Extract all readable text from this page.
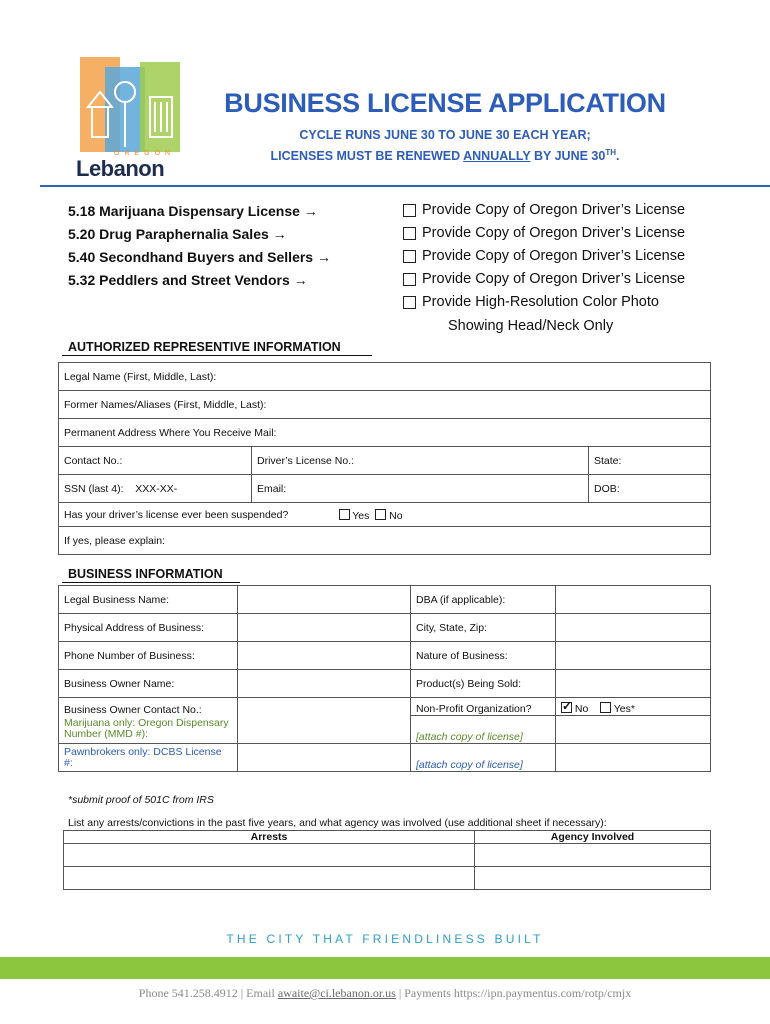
OREGON
Lebanon
BUSINESS LICENSE APPLICATION
CYCLE RUNS JUNE 30 TO JUNE 30 EACH YEAR;
LICENSES MUST BE RENEWED ANNUALLY BY JUNE 30TH.
5.18 Marijuana Dispensary License →
5.20 Drug Paraphernalia Sales →
5.40 Secondhand Buyers and Sellers →
5.32 Peddlers and Street Vendors →
Provide Copy of Oregon Driver’s License
Provide Copy of Oregon Driver’s License
Provide Copy of Oregon Driver’s License
Provide Copy of Oregon Driver’s License
Provide High-Resolution Color Photo
Showing Head/Neck Only
AUTHORIZED REPRESENTIVE INFORMATION
Legal Name (First, Middle, Last):		
Former Names/Aliases (First, Middle, Last):		
Permanent Address Where You Receive Mail:		
Contact No.:	Driver’s License No.:	State:
SSN (last 4): XXX-XX-	Email:	DOB:
Has your driver’s license ever been suspended? Yes No		

If yes, please explain:		
BUSINESS INFORMATION
Legal Business Name:		DBA (if applicable):	
Physical Address of Business:		City, State, Zip:	
Phone Number of Business:		Nature of Business:	
Business Owner Name:		Product(s) Being Sold:	
Business Owner Contact No.:		Non-Profit Organization?	✓No Yes*
Marijuana only: Oregon Dispensary Number (MMD #):		[attach copy of license]	
Pawnbrokers only: DCBS License #:		[attach copy of license]	
*submit proof of 501C from IRS
List any arrests/convictions in the past five years, and what agency was involved (use additional sheet if necessary):
Arrests	Agency Involved

THE CITY THAT FRIENDLINESS BUILT
Phone 541.258.4912 | Email awaite@ci.lebanon.or.us | Payments https://ipn.paymentus.com/rotp/cmjx
